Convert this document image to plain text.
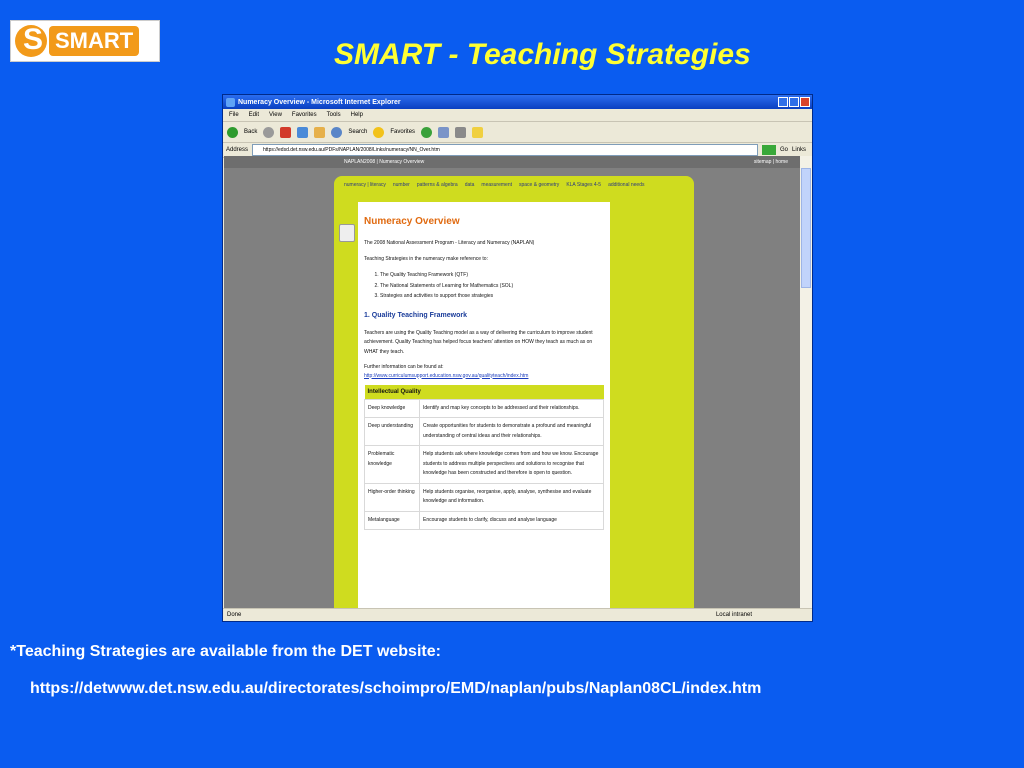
S
SMART	SMART - Teaching Strategies
Numeracy Overview - Microsoft Internet Explorer
File Edit View Favorites Tools Help
Back	Search	Favorites
Address	https://edsd.det.nsw.edu.au/PDFs/NAPLAN/2008/Links/numeracy/NN_Over.htm	Go Links
NAPLAN2008 | Numeracy Overview	sitemap | home
numeracy | literacy number patterns & algebra data measurement space & geometry KLA Stages 4-5 additional needs
Numeracy Overview

The 2008 National Assessment Program - Literacy and Numeracy (NAPLAN)

Teaching Strategies in the numeracy make reference to:

1. The Quality Teaching Framework (QTF)
2. The National Statements of Learning for Mathematics (SOL)
3. Strategies and activities to support those strategies
1. Quality Teaching Framework

Teachers are using the Quality Teaching model as a way of delivering the curriculum to improve student achievement. Quality Teaching has helped focus teachers' attention on HOW they teach as much as on WHAT they teach.

Further information can be found at:

http://www.curriculumsupport.education.nsw.gov.au/qualityteach/index.htm
Intellectual Quality	
Deep knowledge	Identify and map key concepts to be addressed and their relationships.
Deep understanding	Create opportunities for students to demonstrate a profound and meaningful understanding of central ideas and their relationships.
Problematic knowledge	Help students ask where knowledge comes from and how we know. Encourage students to address multiple perspectives and solutions to recognise that knowledge has been constructed and therefore is open to question.
Higher-order thinking	Help students organise, reorganise, apply, analyse, synthesise and evaluate knowledge and information.
Metalanguage	Encourage students to clarify, discuss and analyse language
Done	Local intranet
*Teaching Strategies are available from the DET website:
https://detwww.det.nsw.edu.au/directorates/schoimpro/EMD/naplan/pubs/Naplan08CL/index.htm
